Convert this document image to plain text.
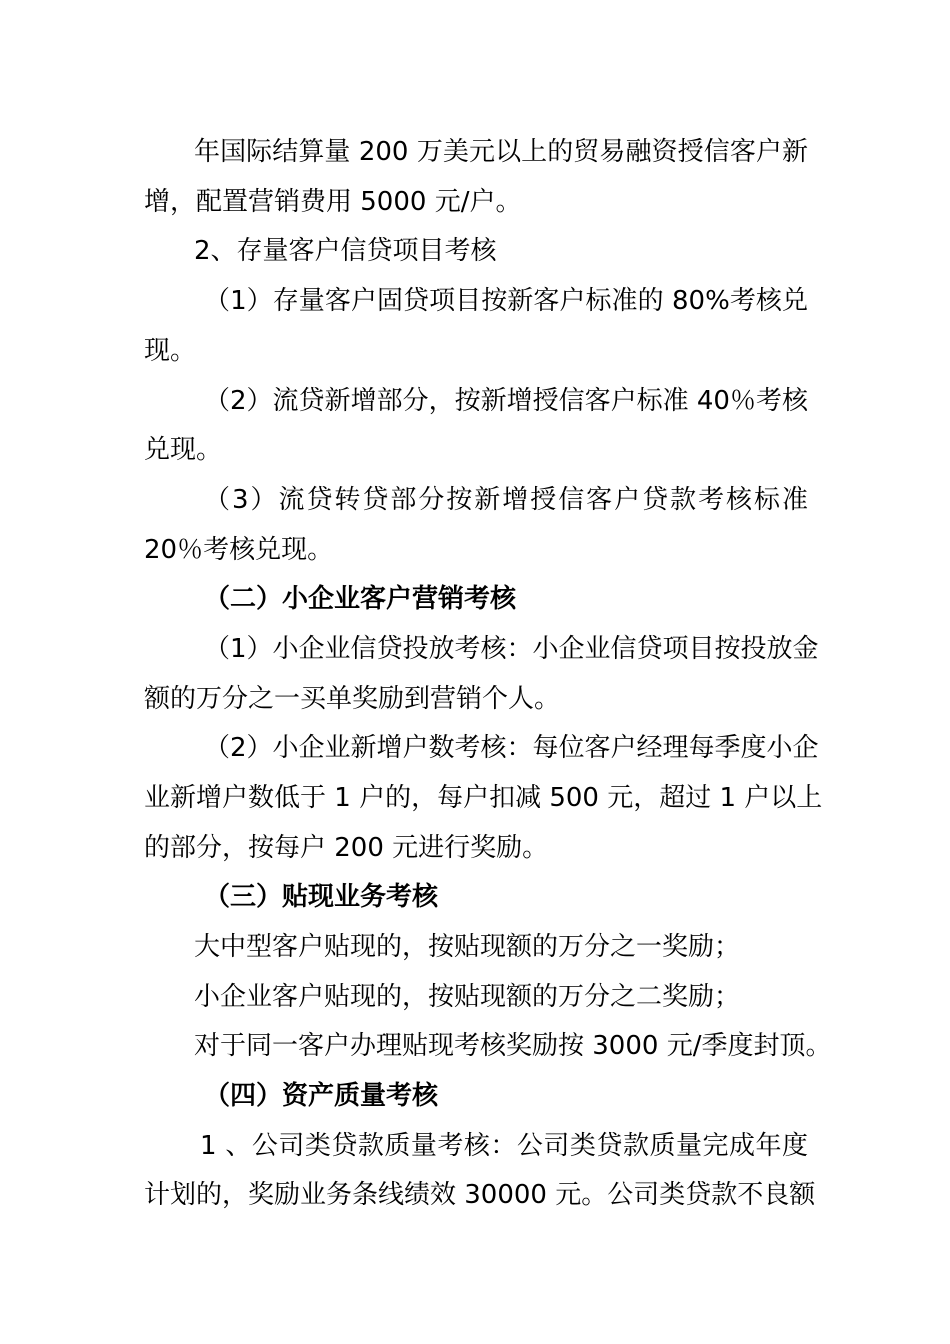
年国际结算量 200 万美元以上的贸易融资授信客户新
增，配置营销费用 5000 元/户。
2、存量客户信贷项目考核
（1）存量客户固贷项目按新客户标准的 80%考核兑
现。
（2）流贷新增部分，按新增授信客户标准 40％考核
兑现。
（3）流贷转贷部分按新增授信客户贷款考核标准
20％考核兑现。
（二）小企业客户营销考核
（1）小企业信贷投放考核：小企业信贷项目按投放金
额的万分之一买单奖励到营销个人。
（2）小企业新增户数考核：每位客户经理每季度小企
业新增户数低于 1 户的，每户扣减 500 元，超过 1 户以上
的部分，按每户 200 元进行奖励。
（三）贴现业务考核
大中型客户贴现的，按贴现额的万分之一奖励；
小企业客户贴现的，按贴现额的万分之二奖励；
对于同一客户办理贴现考核奖励按 3000 元/季度封顶。
（四）资产质量考核
1 、公司类贷款质量考核：公司类贷款质量完成年度
计划的，奖励业务条线绩效 30000 元。公司类贷款不良额
